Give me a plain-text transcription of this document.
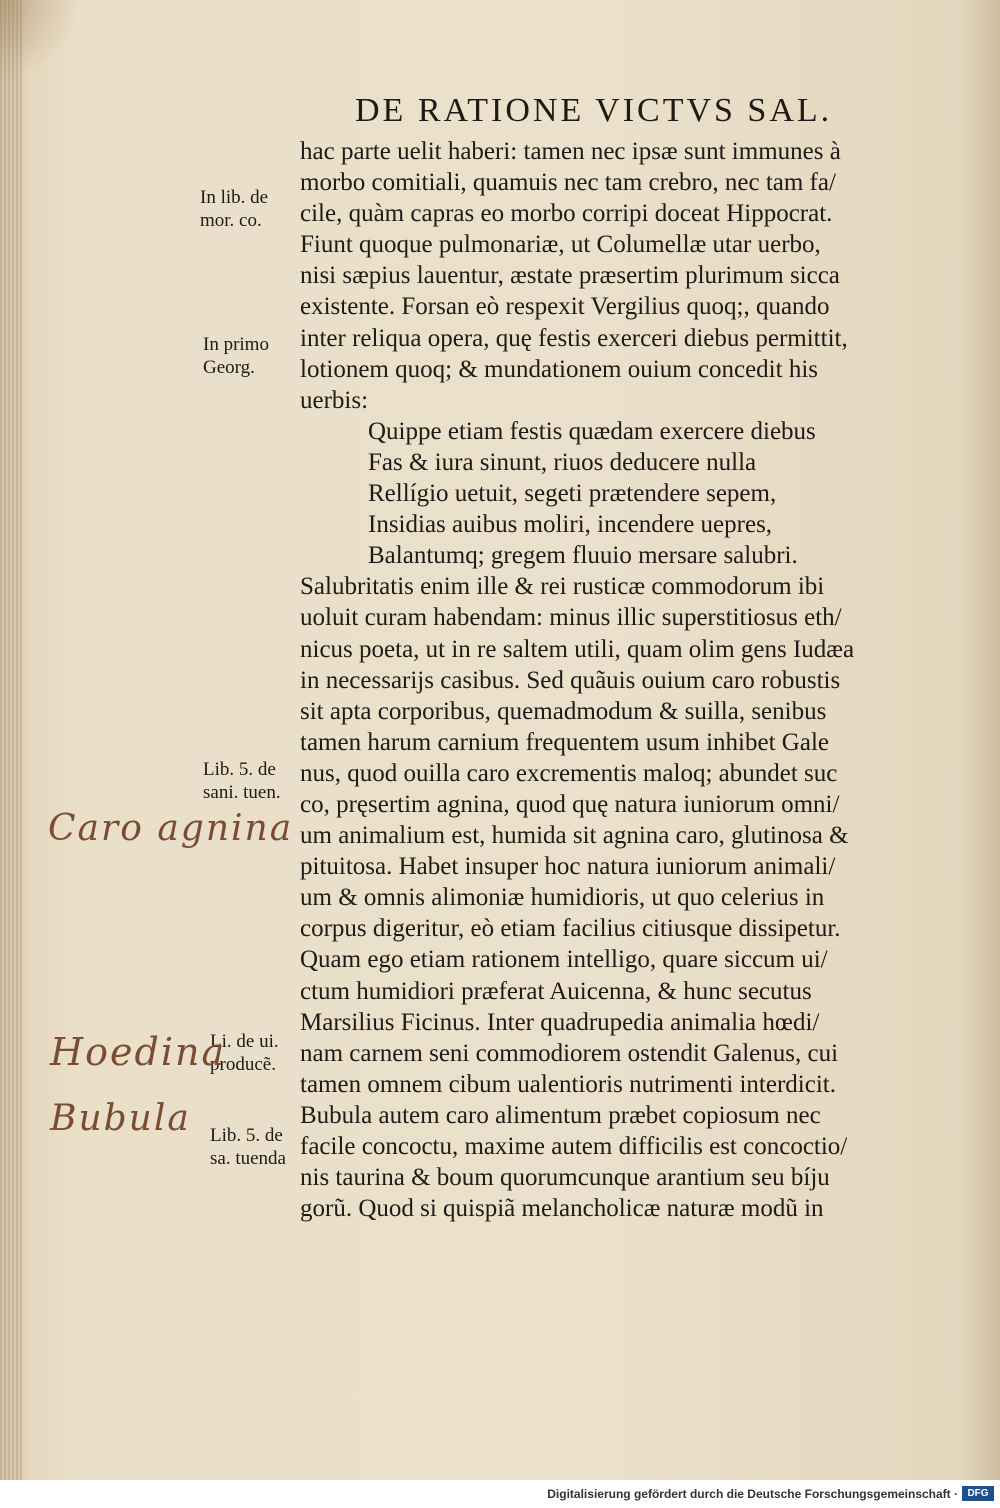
DE RATIONE VICTVS SAL.
hac parte uelit haberi: tamen nec ipsæ sunt immunes à
morbo comitiali, quamuis nec tam crebro, nec tam fa/
cile, quàm capras eo morbo corripi doceat Hippocrat.
Fiunt quoque pulmonariæ, ut Columellæ utar uerbo,
nisi sæpius lauentur, æstate præsertim plurimum sicca
existente. Forsan eò respexit Vergilius quoq;, quando
inter reliqua opera, quę festis exerceri diebus permittit,
lotionem quoq; & mundationem ouium concedit his
uerbis:
Quippe etiam festis quædam exercere diebus
Fas & iura sinunt, riuos deducere nulla
Rellígio uetuit, segeti prætendere sepem,
Insidias auibus moliri, incendere uepres,
Balantumq; gregem fluuio mersare salubri.
Salubritatis enim ille & rei rusticæ commodorum ibi
uoluit curam habendam: minus illic superstitiosus eth/
nicus poeta, ut in re saltem utili, quam olim gens Iudæa
in necessarijs casibus. Sed quãuis ouium caro robustis
sit apta corporibus, quemadmodum & suilla, senibus
tamen harum carnium frequentem usum inhibet Gale
nus, quod ouilla caro excrementis maloq; abundet suc
co, pręsertim agnina, quod quę natura iuniorum omni/
um animalium est, humida sit agnina caro, glutinosa &
pituitosa. Habet insuper hoc natura iuniorum animali/
um & omnis alimoniæ humidioris, ut quo celerius in
corpus digeritur, eò etiam facilius citiusque dissipetur.
Quam ego etiam rationem intelligo, quare siccum ui/
ctum humidiori præferat Auicenna, & hunc secutus
Marsilius Ficinus. Inter quadrupedia animalia hœdi/
nam carnem seni commodiorem ostendit Galenus, cui
tamen omnem cibum ualentioris nutrimenti interdicit.
Bubula autem caro alimentum præbet copiosum nec
facile concoctu, maxime autem difficilis est concoctio/
nis taurina & boum quorumcunque arantium seu bíju
gorũ. Quod si quispiã melancholicæ naturæ modũ in
In lib. de
mor. co.
In primo
Georg.
Lib. 5. de
sani. tuen.
Li. de ui.
producẽ.
Lib. 5. de
sa. tuenda
Caro agnina
Hoedina
Bubula
Digitalisierung gefördert durch die Deutsche Forschungsgemeinschaft · DFG
